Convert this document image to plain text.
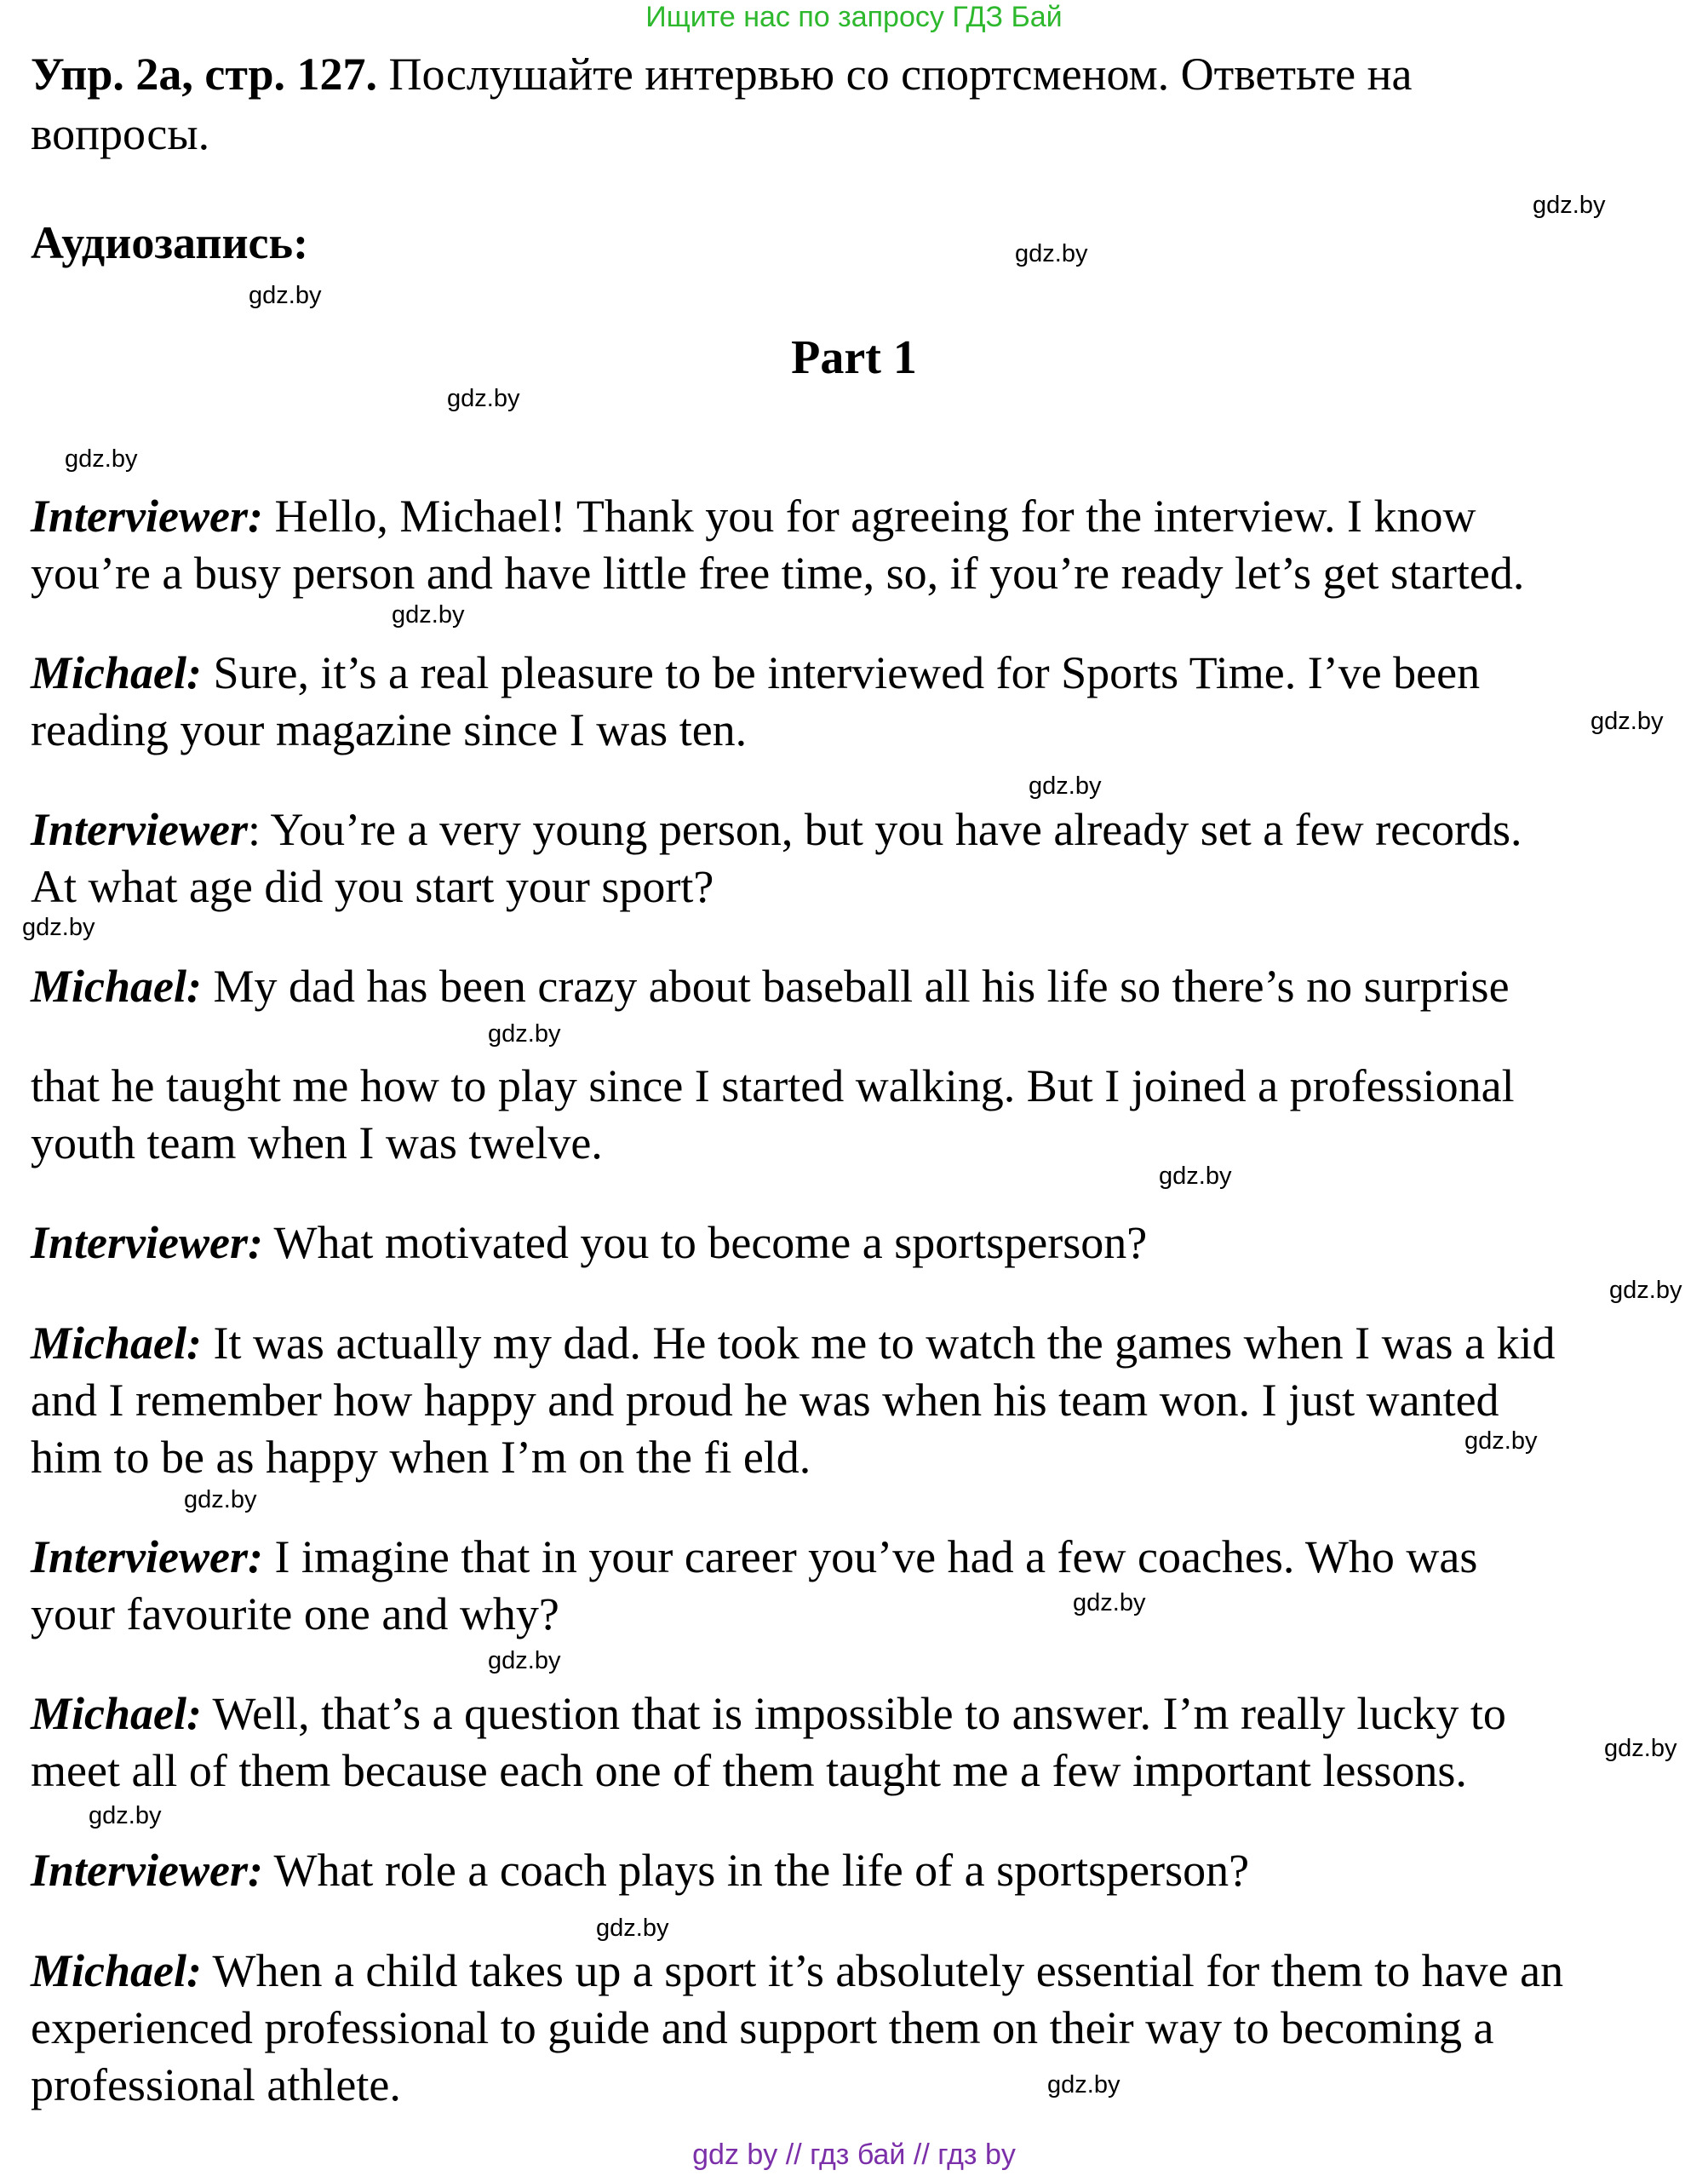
Ищите нас по запросу ГДЗ Бай
Упр. 2а, стр. 127. Послушайте интервью со спортсменом. Ответьте на
вопросы.
Аудиозапись:
Part 1
Interviewer: Hello, Michael! Thank you for agreeing for the interview. I know
you’re a busy person and have little free time, so, if you’re ready let’s get started.
Michael: Sure, it’s a real pleasure to be interviewed for Sports Time. I’ve been
reading your magazine since I was ten.
Interviewer: You’re a very young person, but you have already set a few records.
At what age did you start your sport?
Michael: My dad has been crazy about baseball all his life so there’s no surprise
that he taught me how to play since I started walking. But I joined a professional
youth team when I was twelve.
Interviewer: What motivated you to become a sportsperson?
Michael: It was actually my dad. He took me to watch the games when I was a kid
and I remember how happy and proud he was when his team won. I just wanted
him to be as happy when I’m on the fi eld.
Interviewer: I imagine that in your career you’ve had a few coaches. Who was
your favourite one and why?
Michael: Well, that’s a question that is impossible to answer. I’m really lucky to
meet all of them because each one of them taught me a few important lessons.
Interviewer: What role a coach plays in the life of a sportsperson?
Michael: When a child takes up a sport it’s absolutely essential for them to have an
experienced professional to guide and support them on their way to becoming a
professional athlete.
gdz.by
gdz.by
gdz.by
gdz.by
gdz.by
gdz.by
gdz.by
gdz.by
gdz.by
gdz.by
gdz.by
gdz.by
gdz.by
gdz.by
gdz.by
gdz.by
gdz.by
gdz.by
gdz.by
gdz.by
gdz by // гдз бай // гдз by
